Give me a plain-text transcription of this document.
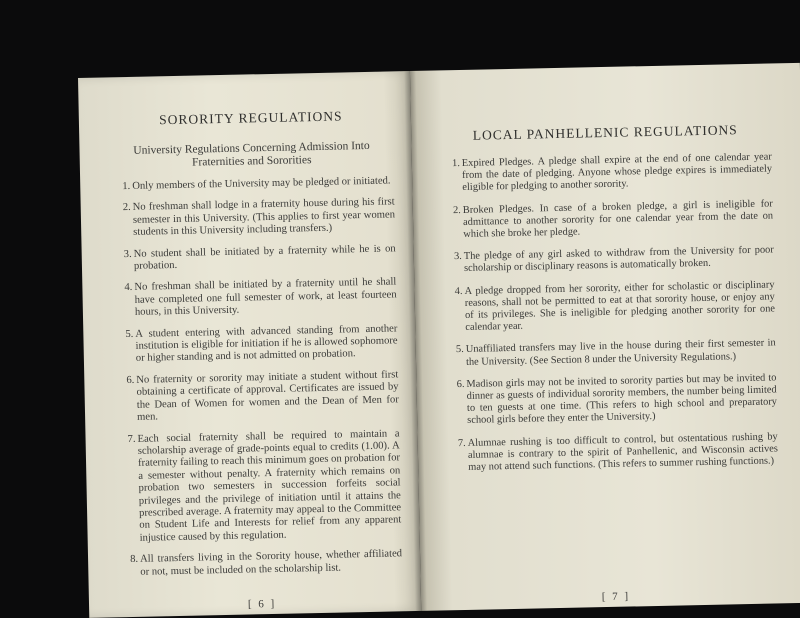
SORORITY REGULATIONS
University Regulations Concerning Admission Into Fraternities and Sororities
1 . Only members of the University may be pledged or initiated.
2 . No freshman shall lodge in a fraternity house during his first semester in this University. (This applies to first year women students in this University including transfers.)
3 . No student shall be initiated by a fraternity while he is on probation.
4 . No freshman shall be initiated by a fraternity until he shall have completed one full semester of work, at least fourteen hours, in this University.
5 . A student entering with advanced standing from another institution is eligible for initiation if he is allowed sophomore or higher standing and is not admitted on probation.
6 . No fraternity or sorority may initiate a student without first obtaining a certificate of approval. Certificates are issued by the Dean of Women for women and the Dean of Men for men.
7 . Each social fraternity shall be required to maintain a scholarship average of grade-points equal to credits (1.00). A fraternity failing to reach this minimum goes on probation for a semester without penalty. A fraternity which remains on probation two semesters in succession forfeits social privileges and the privilege of initiation until it attains the prescribed average. A fraternity may appeal to the Committee on Student Life and Interests for relief from any apparent injustice caused by this regulation.
8 . All transfers living in the Sorority house, whether affiliated or not, must be included on the scholarship list.
[ 6 ]
LOCAL PANHELLENIC REGULATIONS
1 . Expired Pledges. A pledge shall expire at the end of one calendar year from the date of pledging. Anyone whose pledge expires is immediately eligible for pledging to another sorority.
2 . Broken Pledges. In case of a broken pledge, a girl is ineligible for admittance to another sorority for one calendar year from the date on which she broke her pledge.
3 . The pledge of any girl asked to withdraw from the University for poor scholarship or disciplinary reasons is automatically broken.
4 . A pledge dropped from her sorority, either for scholastic or disciplinary reasons, shall not be permitted to eat at that sorority house, or enjoy any of its privileges. She is ineligible for pledging another sorority for one calendar year.
5 . Unaffiliated transfers may live in the house during their first semester in the University. (See Section 8 under the University Regulations.)
6 . Madison girls may not be invited to sorority parties but may be invited to dinner as guests of individual sorority members, the number being limited to ten guests at one time. (This refers to high school and preparatory school girls before they enter the University.)
7 . Alumnae rushing is too difficult to control, but ostentatious rushing by alumnae is contrary to the spirit of Panhellenic, and Wisconsin actives may not attend such functions. (This refers to summer rushing functions.)
[ 7 ]
